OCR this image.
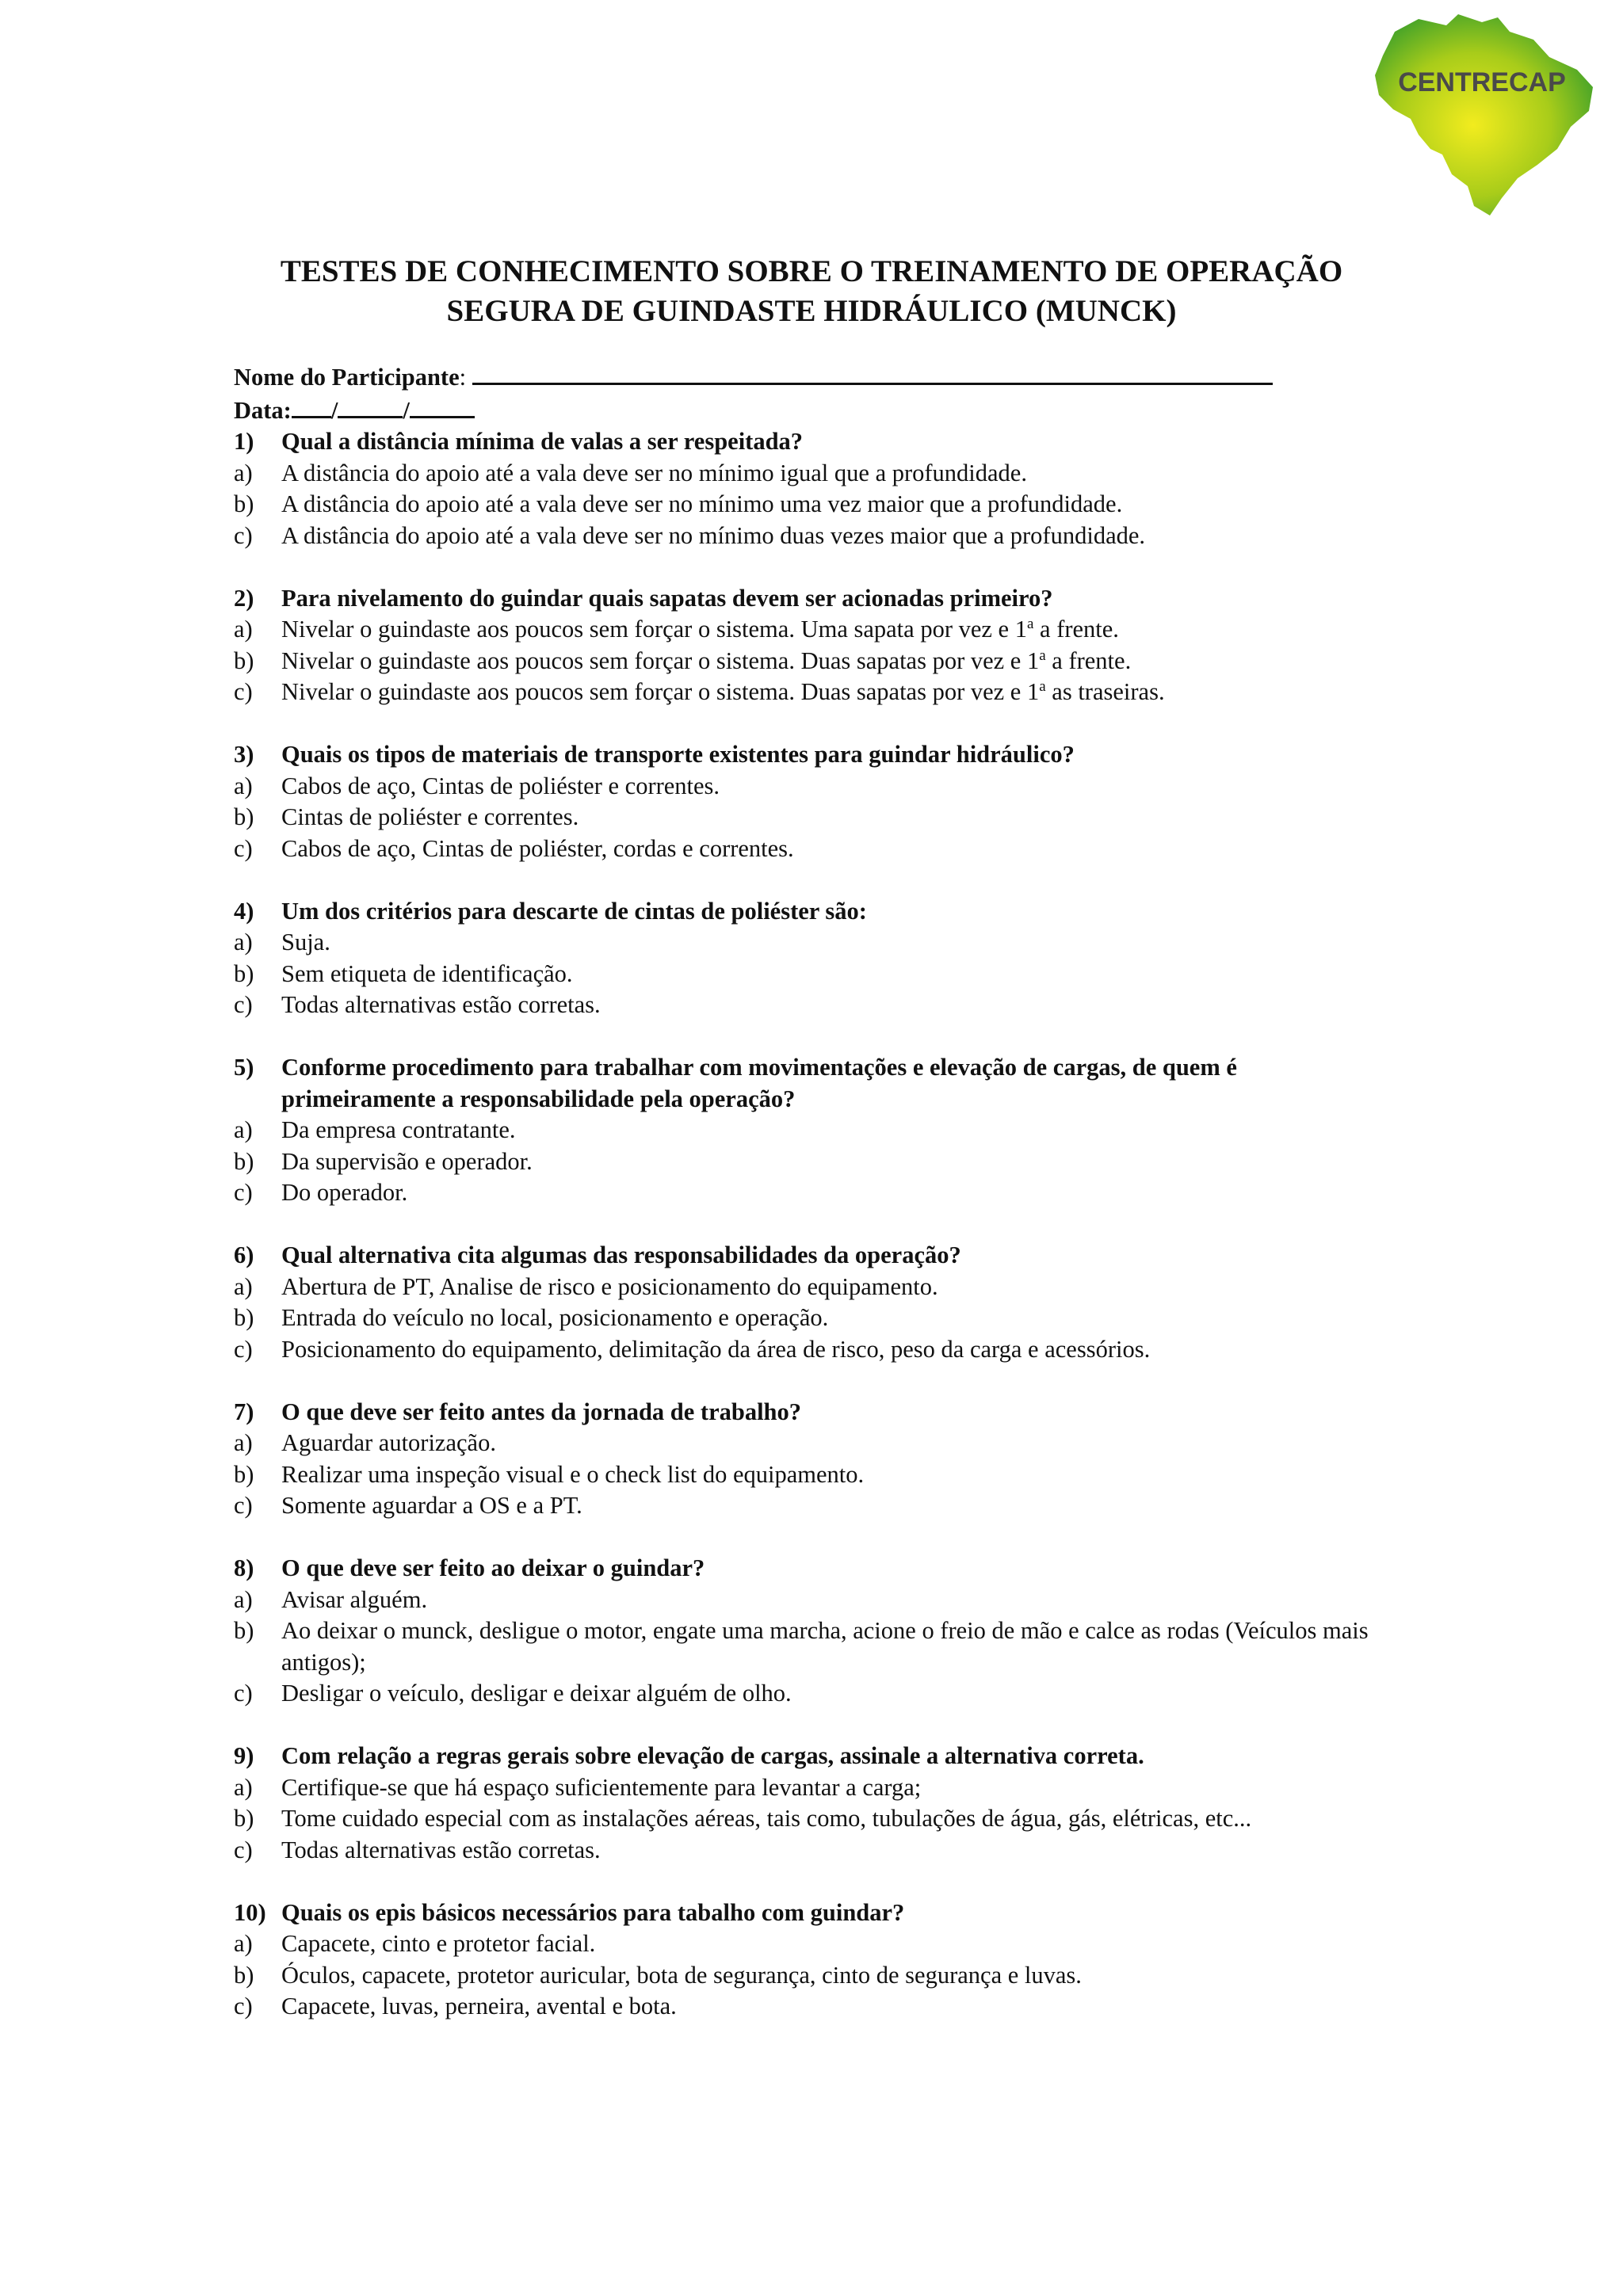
CENTRECAP
TESTES DE CONHECIMENTO SOBRE O TREINAMENTO DE OPERAÇÃO
SEGURA DE GUINDASTE HIDRÁULICO (MUNCK)
Nome do Participante:
Data: /	/
1)	Qual a distância mínima de valas a ser respeitada?
a)	A distância do apoio até a vala deve ser no mínimo igual que a profundidade.
b)	A distância do apoio até a vala deve ser no mínimo uma vez maior que a profundidade.
c)	A distância do apoio até a vala deve ser no mínimo duas vezes maior que a profundidade.
2)	Para nivelamento do guindar quais sapatas devem ser acionadas primeiro?
a)	Nivelar o guindaste aos poucos sem forçar o sistema. Uma sapata por vez e 1$^a$ a frente.
b)	Nivelar o guindaste aos poucos sem forçar o sistema. Duas sapatas por vez e 1$^a$ a frente.
c)	Nivelar o guindaste aos poucos sem forçar o sistema. Duas sapatas por vez e 1$^a$ as traseiras.
3)	Quais os tipos de materiais de transporte existentes para guindar hidráulico?
a)	Cabos de aço, Cintas de poliéster e correntes.
b)	Cintas de poliéster e correntes.
c)	Cabos de aço, Cintas de poliéster, cordas e correntes.
4)	Um dos critérios para descarte de cintas de poliéster são:
a)	Suja.
b)	Sem etiqueta de identificação.
c)	Todas alternativas estão corretas.
5)	Conforme procedimento para trabalhar com movimentações e elevação de cargas, de quem é primeiramente a responsabilidade pela operação?
a)	Da empresa contratante.
b)	Da supervisão e operador.
c)	Do operador.
6)	Qual alternativa cita algumas das responsabilidades da operação?
a)	Abertura de PT, Analise de risco e posicionamento do equipamento.
b)	Entrada do veículo no local, posicionamento e operação.
c)	Posicionamento do equipamento, delimitação da área de risco, peso da carga e acessórios.
7)	O que deve ser feito antes da jornada de trabalho?
a)	Aguardar autorização.
b)	Realizar uma inspeção visual e o check list do equipamento.
c)	Somente aguardar a OS e a PT.
8)	O que deve ser feito ao deixar o guindar?
a)	Avisar alguém.
b)	Ao deixar o munck, desligue o motor, engate uma marcha, acione o freio de mão e calce as rodas (Veículos mais antigos);
c)	Desligar o veículo, desligar e deixar alguém de olho.
9)	Com relação a regras gerais sobre elevação de cargas, assinale a alternativa correta.
a)	Certifique-se que há espaço suficientemente para levantar a carga;
b)	Tome cuidado especial com as instalações aéreas, tais como, tubulações de água, gás, elétricas, etc...
c)	Todas alternativas estão corretas.
10) Quais os epis básicos necessários para tabalho com guindar?
a)	Capacete, cinto e protetor facial.
b)	Óculos, capacete, protetor auricular, bota de segurança, cinto de segurança e luvas.
c)	Capacete, luvas, perneira, avental e bota.
